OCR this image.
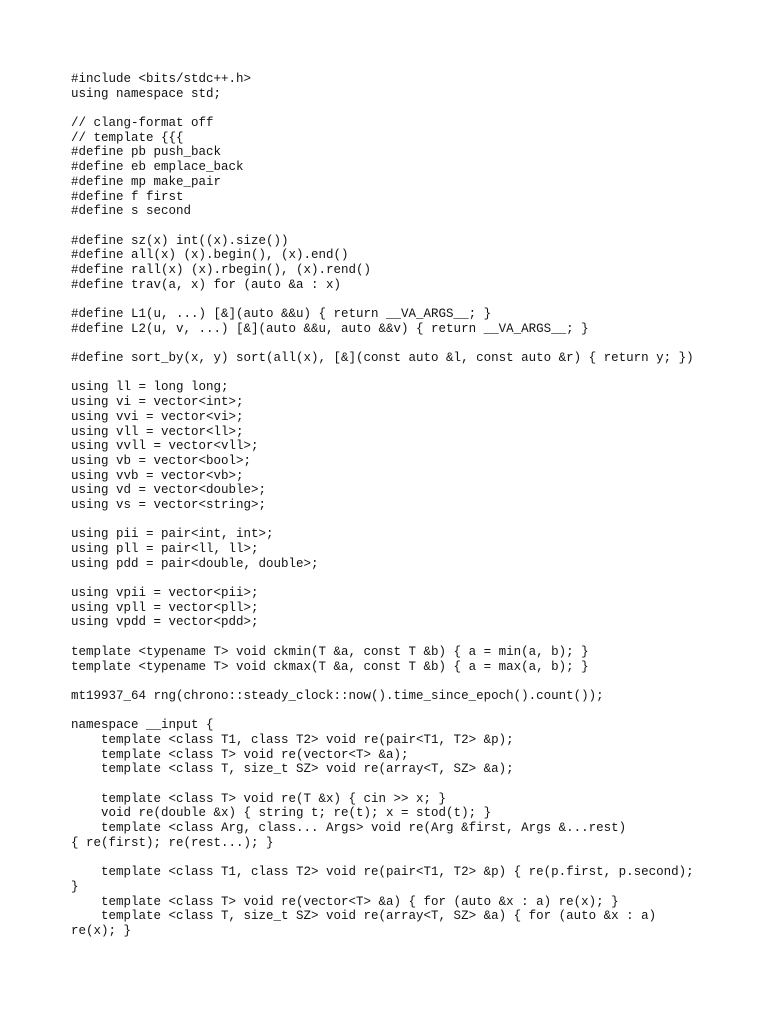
#include <bits/stdc++.h>
using namespace std;
// clang-format off
// template {{{
#define pb push_back
#define eb emplace_back
#define mp make_pair
#define f first
#define s second
#define sz(x) int((x).size())
#define all(x) (x).begin(), (x).end()
#define rall(x) (x).rbegin(), (x).rend()
#define trav(a, x) for (auto &a : x)
#define L1(u, ...) [&](auto &&u) { return __VA_ARGS__; }
#define L2(u, v, ...) [&](auto &&u, auto &&v) { return __VA_ARGS__; }
#define sort_by(x, y) sort(all(x), [&](const auto &l, const auto &r) { return y; })
using ll = long long;
using vi = vector<int>;
using vvi = vector<vi>;
using vll = vector<ll>;
using vvll = vector<vll>;
using vb = vector<bool>;
using vvb = vector<vb>;
using vd = vector<double>;
using vs = vector<string>;
using pii = pair<int, int>;
using pll = pair<ll, ll>;
using pdd = pair<double, double>;
using vpii = vector<pii>;
using vpll = vector<pll>;
using vpdd = vector<pdd>;
template <typename T> void ckmin(T &a, const T &b) { a = min(a, b); }
template <typename T> void ckmax(T &a, const T &b) { a = max(a, b); }
mt19937_64 rng(chrono::steady_clock::now().time_since_epoch().count());
namespace __input {
template <class T1, class T2> void re(pair<T1, T2> &p);
template <class T> void re(vector<T> &a);
template <class T, size_t SZ> void re(array<T, SZ> &a);
template <class T> void re(T &x) { cin >> x; }
void re(double &x) { string t; re(t); x = stod(t); }
template <class Arg, class... Args> void re(Arg &first, Args &...rest)
{ re(first); re(rest...); }
template <class T1, class T2> void re(pair<T1, T2> &p) { re(p.first, p.second);
}
template <class T> void re(vector<T> &a) { for (auto &x : a) re(x); }
template <class T, size_t SZ> void re(array<T, SZ> &a) { for (auto &x : a)
re(x); }
